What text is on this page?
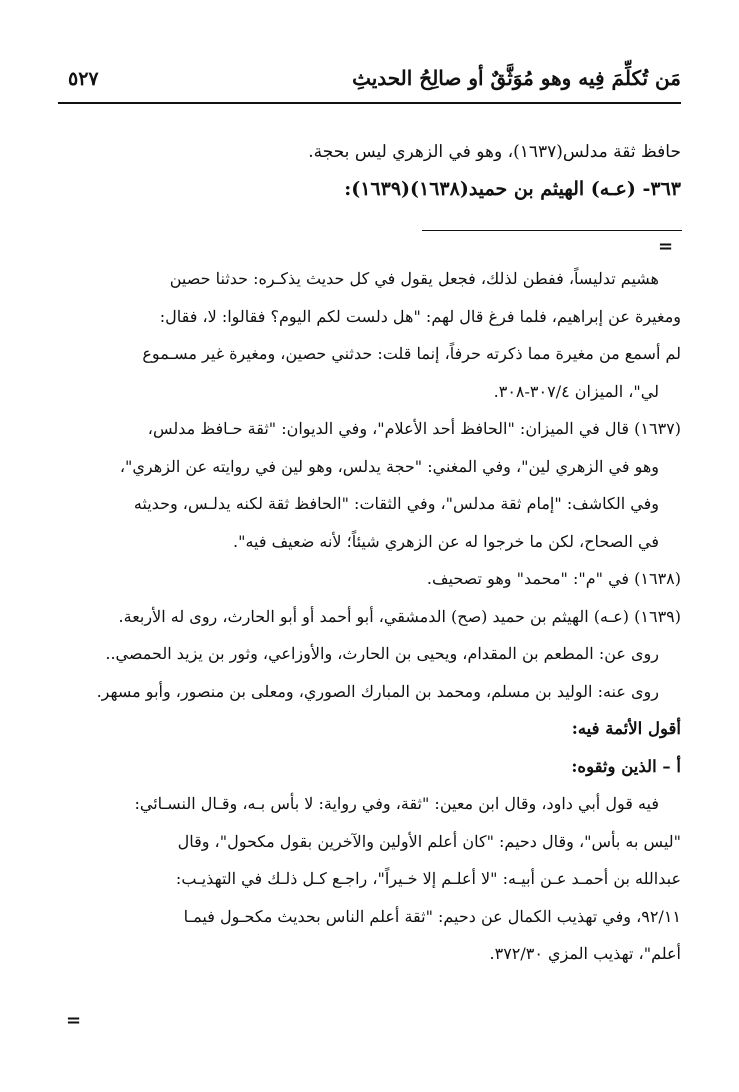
مَن تُكلِّمَ فِيه وهو مُوَثَّقٌ أو صالِحُ الحديثِ
٥٢٧
حافظ ثقة مدلس(١٦٣٧)، وهو في الزهري ليس بحجة.
٣٦٣- (عـه) الهيثم بن حميد(١٦٣٨)(١٦٣٩):
=

هشيم تدليساً، ففطن لذلك، فجعل يقول في كل حديث يذكـره: حدثنا حصين

ومغيرة عن إبراهيم، فلما فرغ قال لهم: "هل دلست لكم اليوم؟ فقالوا: لا، فقال:

لم أسمع من مغيرة مما ذكرته حرفاً، إنما قلت: حدثني حصين، ومغيرة غير مسـموع

لي"، الميزان ٣٠٧/٤-٣٠٨.

(١٦٣٧) قال في الميزان: "الحافظ أحد الأعلام"، وفي الديوان: "ثقة حـافظ مدلس،

وهو في الزهري لين"، وفي المغني: "حجة يدلس، وهو لين في روايته عن الزهري"،

وفي الكاشف: "إمام ثقة مدلس"، وفي الثقات: "الحافظ ثقة لكنه يدلـس، وحديثه

في الصحاح، لكن ما خرجوا له عن الزهري شيئاً؛ لأنه ضعيف فيه".

(١٦٣٨) في "م": "محمد" وهو تصحيف.

(١٦٣٩) (عـه) الهيثم بن حميد (صح) الدمشقي، أبو أحمد أو أبو الحارث، روى له الأربعة.

روى عن: المطعم بن المقدام، ويحيى بن الحارث، والأوزاعي، وثور بن يزيد الحمصي..

روى عنه: الوليد بن مسلم، ومحمد بن المبارك الصوري، ومعلى بن منصور، وأبو مسهر.

أقول الأئمة فيه:

أ – الذين وثقوه:

فيه قول أبي داود، وقال ابن معين: "ثقة، وفي رواية: لا بأس بـه، وقـال النسـائي:

"ليس به بأس"، وقال دحيم: "كان أعلم الأولين والآخرين بقول مكحول"، وقال

عبدالله بن أحمـد عـن أبيـه: "لا أعلـم إلا خـيراً"، راجـع كـل ذلـك في التهذيـب:

٩٢/١١، وفي تهذيب الكمال عن دحيم: "ثقة أعلم الناس بحديث مكحـول فيمـا

أعلم"، تهذيب المزي ٣٧٢/٣٠.

=
